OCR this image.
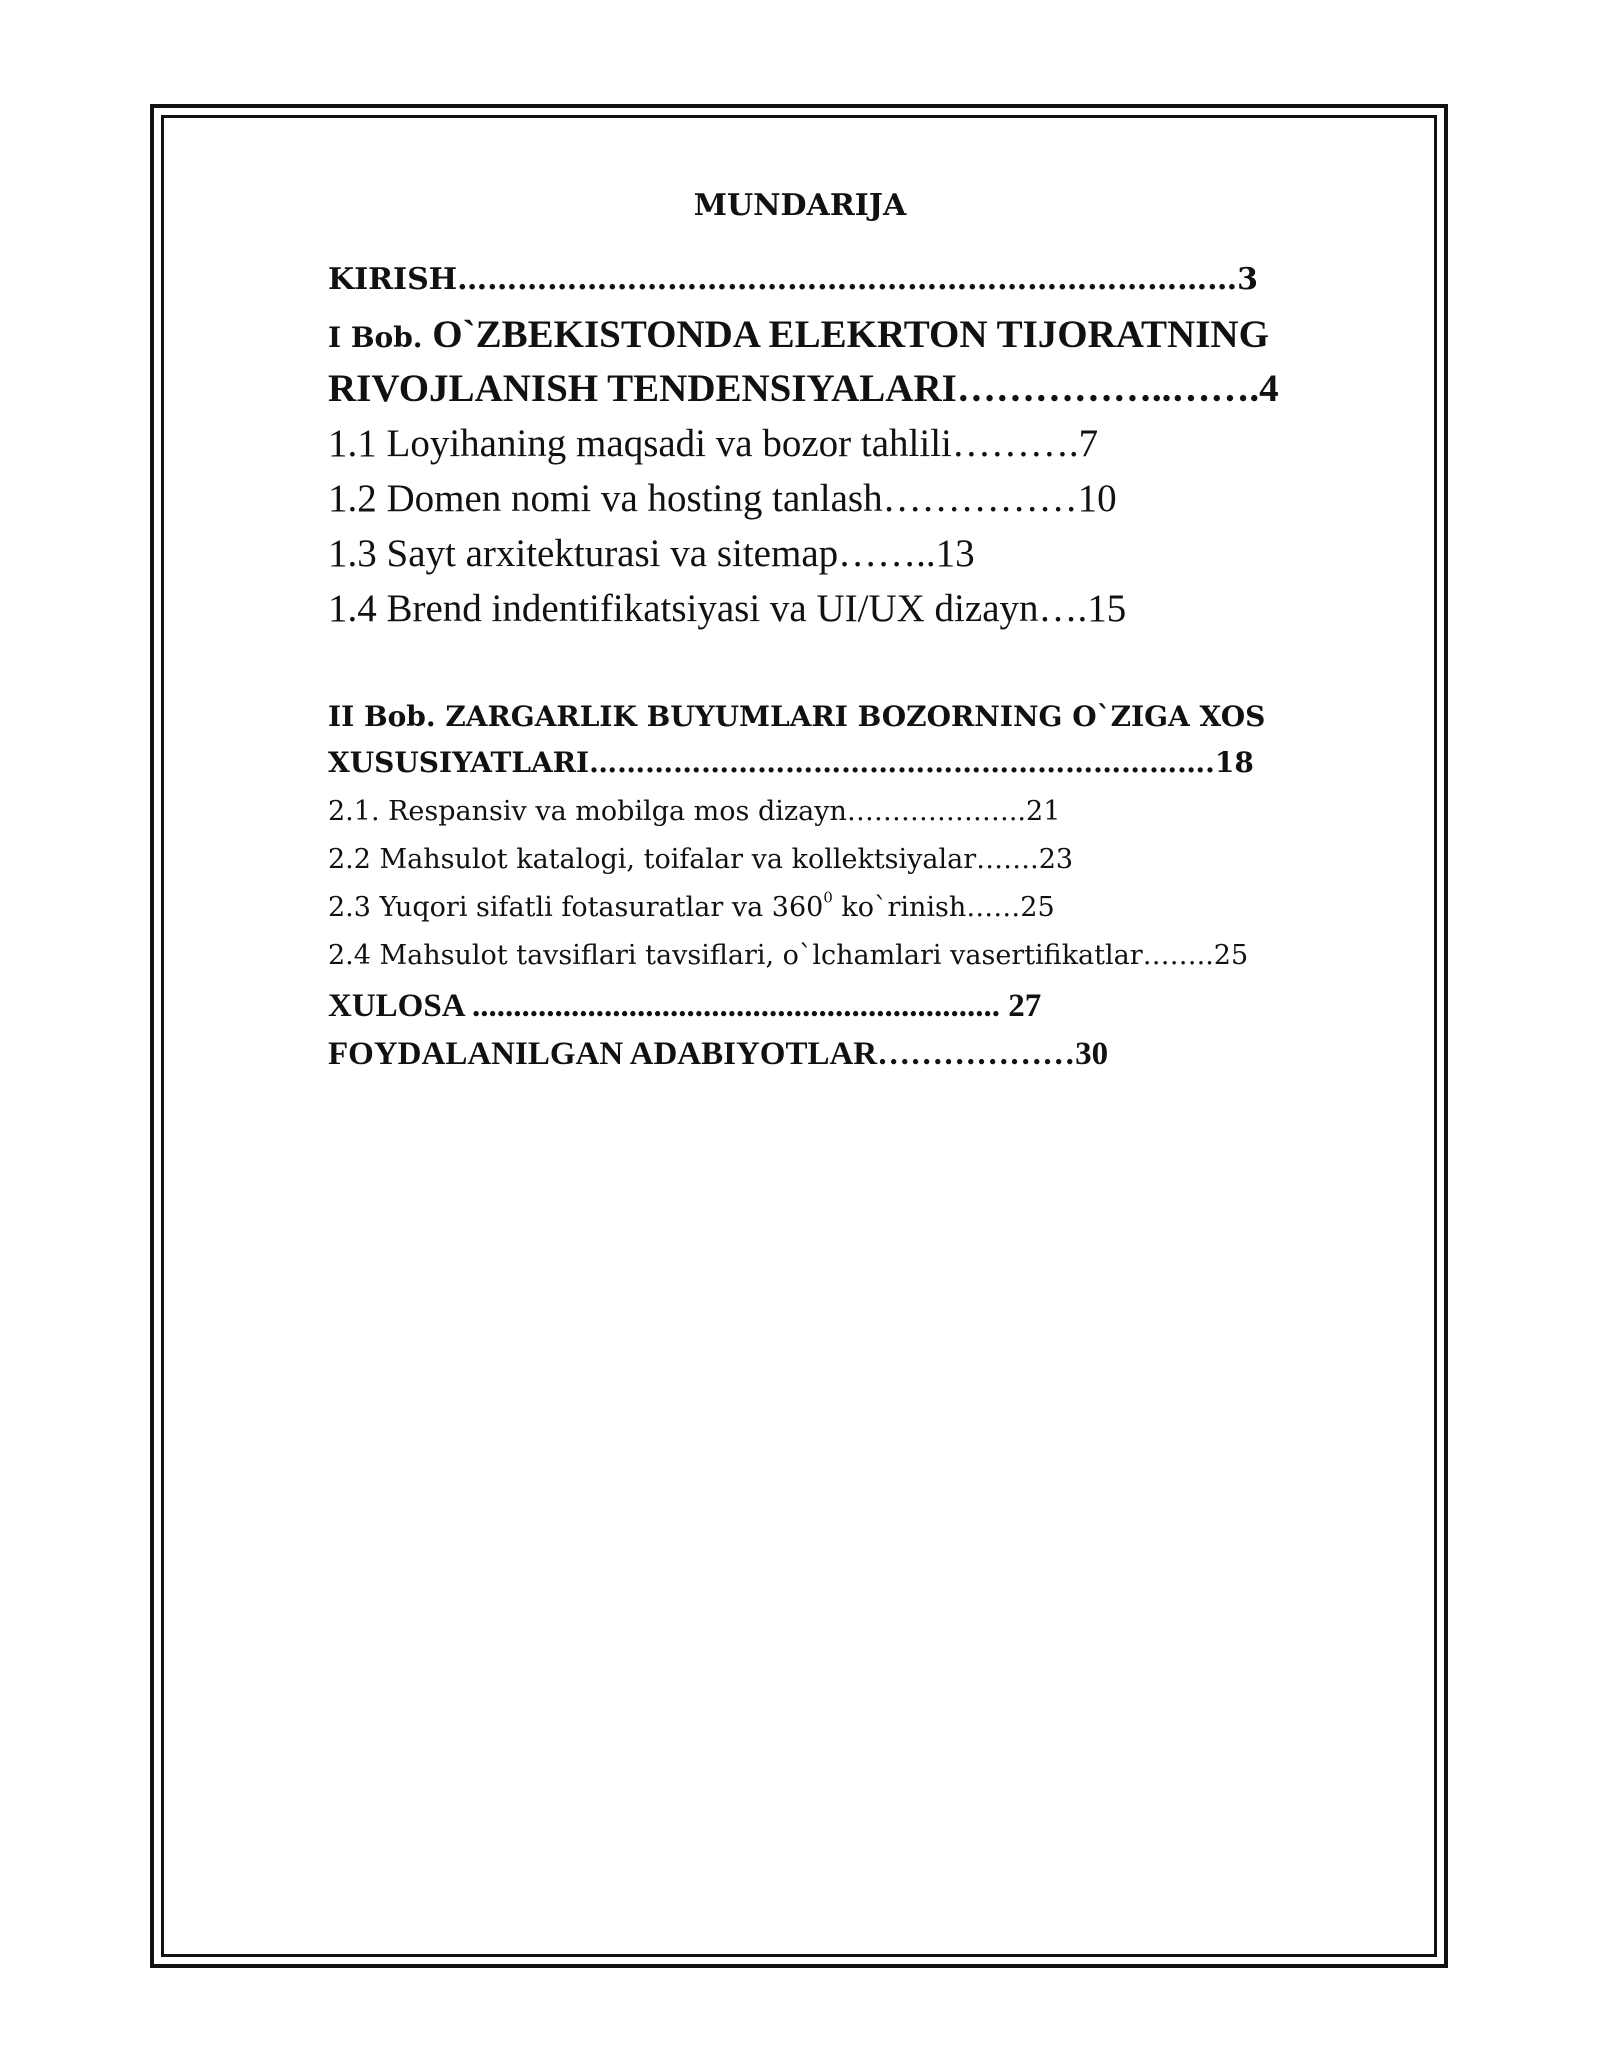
MUNDARIJA
KIRISH……………………………………………………………………3
I Bob. O`ZBEKISTONDA ELEKRTON TIJORATNING
RIVOJLANISH TENDENSIYALARI……………..…….4
1.1 Loyihaning maqsadi va bozor tahlili……….7
1.2 Domen nomi va hosting tanlash……………10
1.3 Sayt arxitekturasi va sitemap……..13
1.4 Brend indentifikatsiyasi va UI/UX dizayn….15
II Bob. ZARGARLIK BUYUMLARI BOZORNING O`ZIGA XOS
XUSUSIYATLARI………………………………………………………….18
2.1. Respansiv va mobilga mos dizayn………………..21
2.2 Mahsulot katalogi, toifalar va kollektsiyalar…….23
2.3 Yuqori sifatli fotasuratlar va $360^0$ ko`rinish……25
2.4 Mahsulot tavsiflari tavsiflari, o`lchamlari vasertifikatlar……..25
XULOSA ................................................................ 27
FOYDALANILGAN ADABIYOTLAR………………30
